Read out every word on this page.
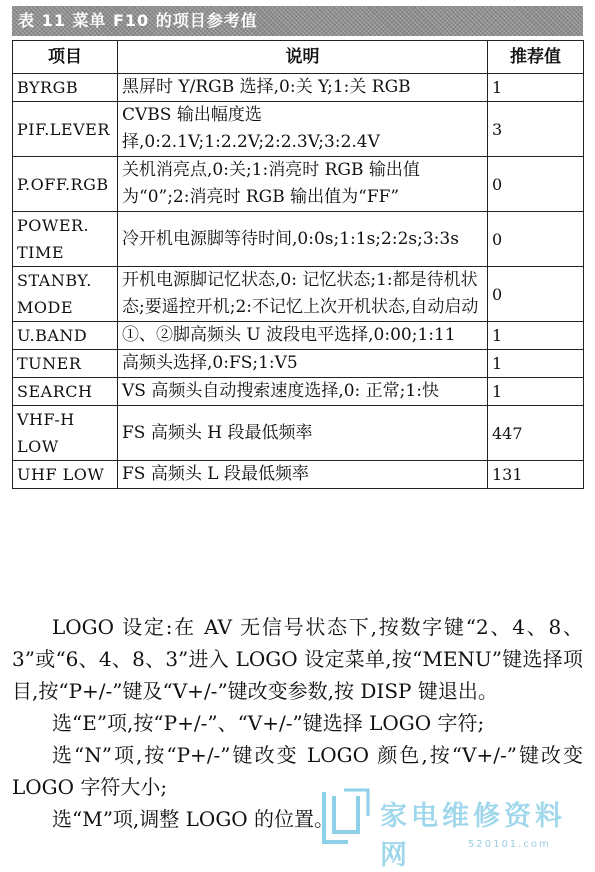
表 11 菜单 F10 的项目参考值
项目	说明	推荐值
BYRGB	黑屏时 Y/RGB 选择,0:关 Y;1:关 RGB	1
PIF.LEVER	CVBS 输出幅度选择,0:2.1V;1:2.2V;2:2.3V;3:2.4V	3
P.OFF.RGB	关机消亮点,0:关;1:消亮时 RGB 输出值为“0”;2:消亮时 RGB 输出值为“FF”	0
POWER. TIME	冷开机电源脚等待时间,0:0s;1:1s;2:2s;3:3s	0
STANBY. MODE	开机电源脚记忆状态,0: 记忆状态;1:都是待机状态;要遥控开机;2:不记忆上次开机状态,自动启动	0
U.BAND	①、②脚高频头 U 波段电平选择,0:00;1:11	1
TUNER	高频头选择,0:FS;1:V5	1
SEARCH	VS 高频头自动搜索速度选择,0: 正常;1:快	1
VHF-H LOW	FS 高频头 H 段最低频率	447
UHF LOW	FS 高频头 L 段最低频率	131

LOGO 设定:在 AV 无信号状态下,按数字键“2、4、8、3”或“6、4、8、3”进入 LOGO 设定菜单,按“MENU”键选择项目,按“P+/-”键及“V+/-”键改变参数,按 DISP 键退出。

选“E”项,按“P+/-”、“V+/-”键选择 LOGO 字符;

选“N”项,按“P+/-”键改变 LOGO 颜色,按“V+/-”键改变 LOGO 字符大小;

选“M”项,调整 LOGO 的位置。	家电维修资料网	520101.com
